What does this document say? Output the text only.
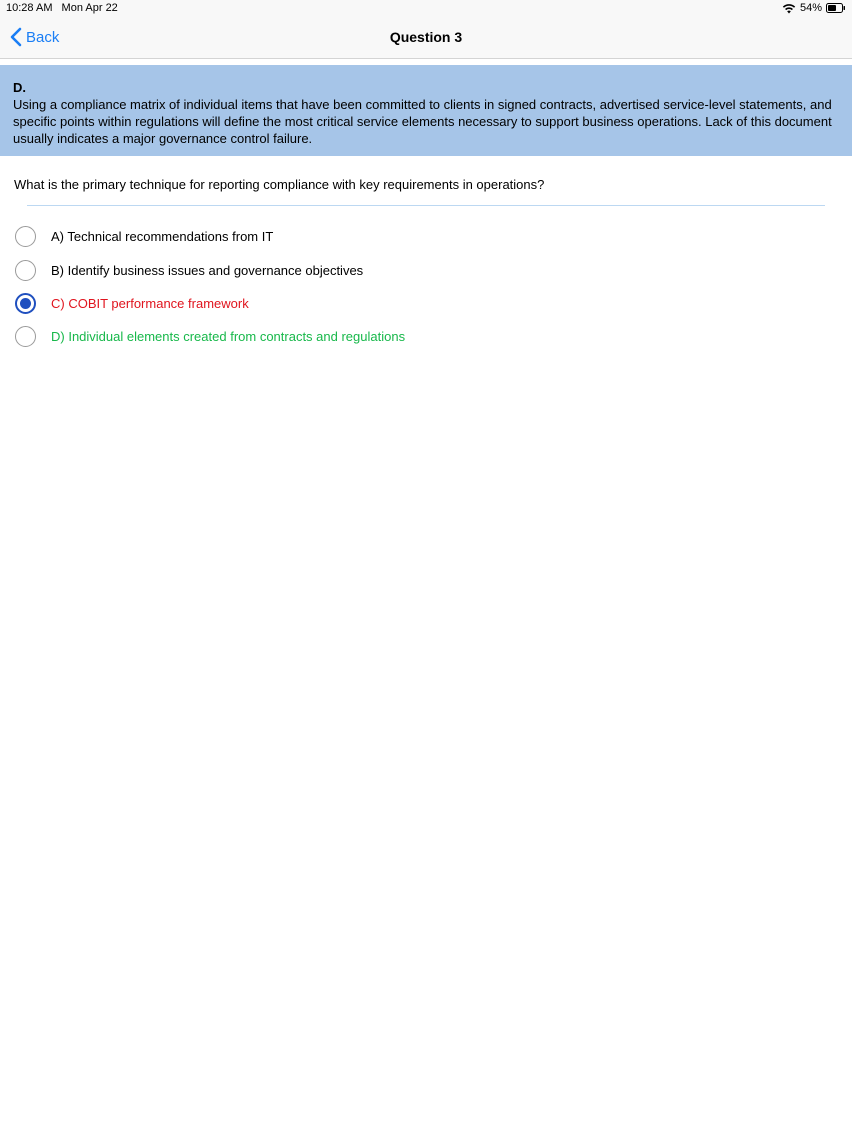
10:28 AM Mon Apr 22	54%
Back	Question 3
D.
Using a compliance matrix of individual items that have been committed to clients in signed contracts, advertised service-level statements, and specific points within regulations will define the most critical service elements necessary to support business operations. Lack of this document usually indicates a major governance control failure.
What is the primary technique for reporting compliance with key requirements in operations?
A) Technical recommendations from IT
B) Identify business issues and governance objectives
C) COBIT performance framework
D) Individual elements created from contracts and regulations
